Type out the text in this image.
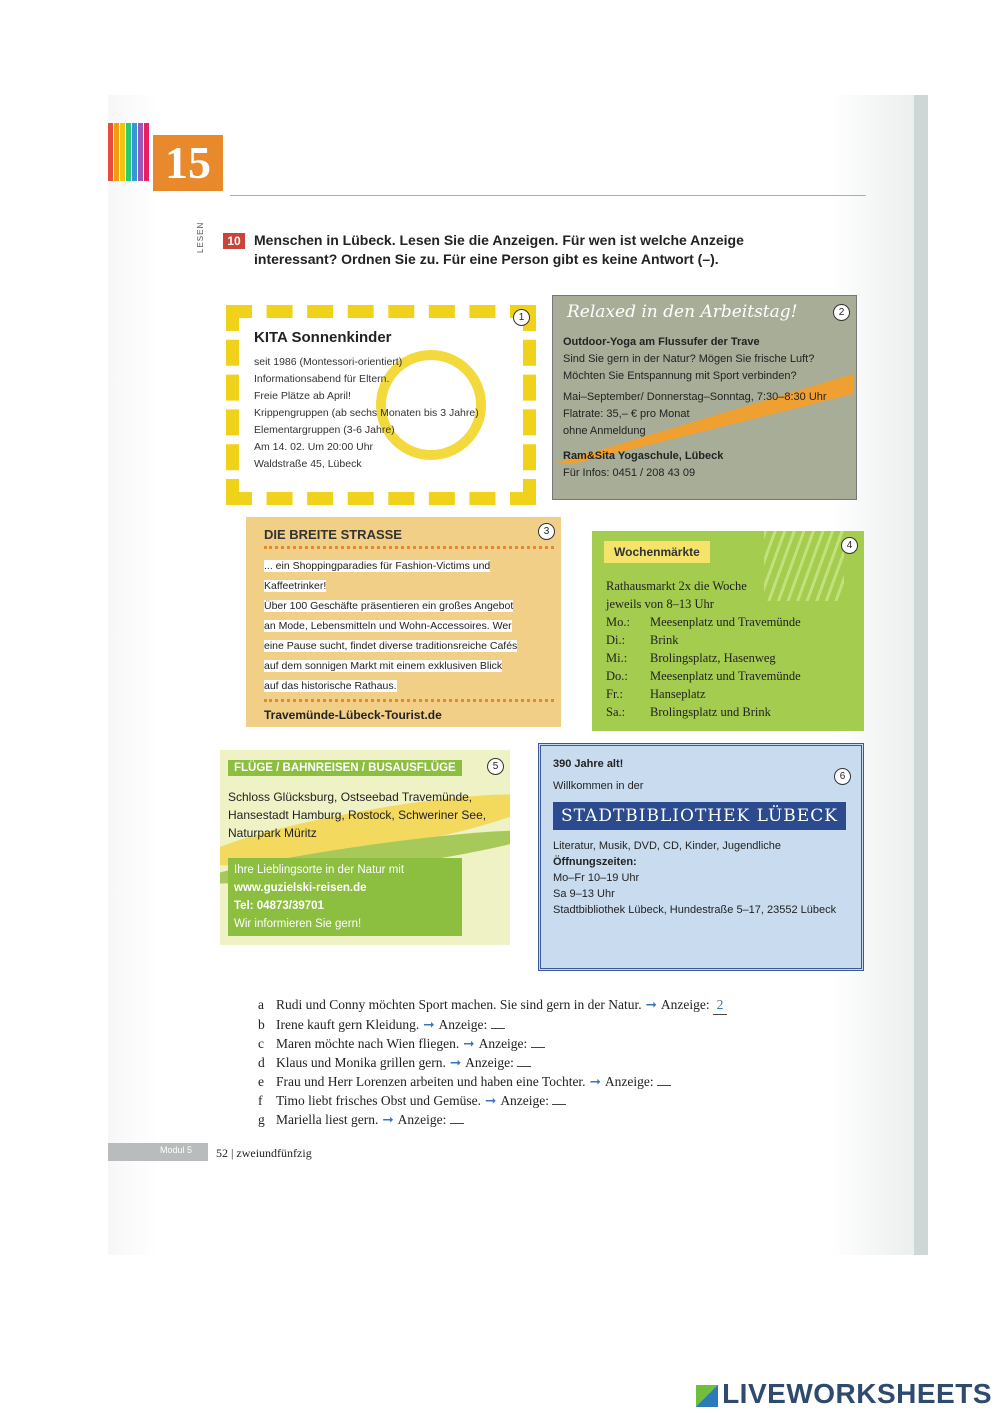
15
LESEN	10 Menschen in Lübeck. Lesen Sie die Anzeigen. Für wen ist welche Anzeige interessant? Ordnen Sie zu. Für eine Person gibt es keine Antwort (–).
1
KITA Sonnenkinder
seit 1986 (Montessori-orientiert)
Informationsabend für Eltern.
Freie Plätze ab April!
Krippengruppen (ab sechs Monaten bis 3 Jahre)
Elementargruppen (3-6 Jahre)
Am 14. 02. Um 20:00 Uhr
Waldstraße 45, Lübeck
Relaxed in den Arbeitstag!	2
Outdoor-Yoga am Flussufer der Trave
Sind Sie gern in der Natur? Mögen Sie frische Luft?
Möchten Sie Entspannung mit Sport verbinden?
Mai–September/ Donnerstag–Sonntag, 7:30–8:30 Uhr
Flatrate: 35,– € pro Monat
ohne Anmeldung
Ram&Sita Yogaschule, Lübeck
Für Infos: 0451 / 208 43 09
3
DIE BREITE STRASSE
... ein Shoppingparadies für Fashion-Victims und
Kaffeetrinker!
Über 100 Geschäfte präsentieren ein großes Angebot
an Mode, Lebensmitteln und Wohn-Accessoires. Wer
eine Pause sucht, findet diverse traditionsreiche Cafés
auf dem sonnigen Markt mit einem exklusiven Blick
auf das historische Rathaus.
Travemünde-Lübeck-Tourist.de
Wochenmärkte	4
Rathausmarkt 2x die Woche
jeweils von 8–13 Uhr
Mo.:	Meesenplatz und Travemünde
Di.:	Brink
Mi.:	Brolingsplatz, Hasenweg
Do.:	Meesenplatz und Travemünde
Fr.:	Hanseplatz
Sa.:	Brolingsplatz und Brink
FLÜGE / BAHNREISEN / BUSAUSFLÜGE	5
Schloss Glücksburg, Ostseebad Travemünde,
Hansestadt Hamburg, Rostock, Schweriner See,
Naturpark Müritz
Ihre Lieblingsorte in der Natur mit
www.guzielski-reisen.de
Tel: 04873/39701
Wir informieren Sie gern!
6
390 Jahre alt!
Willkommen in der
STADTBIBLIOTHEK LÜBECK
Literatur, Musik, DVD, CD, Kinder, Jugendliche
Öffnungszeiten:
Mo–Fr 10–19 Uhr
Sa 9–13 Uhr
Stadtbibliothek Lübeck, Hundestraße 5–17, 23552 Lübeck
a Rudi und Conny möchten Sport machen. Sie sind gern in der Natur. ➞ Anzeige: 2
b Irene kauft gern Kleidung. ➞ Anzeige:
c Maren möchte nach Wien fliegen. ➞ Anzeige:
d Klaus und Monika grillen gern. ➞ Anzeige:
e Frau und Herr Lorenzen arbeiten und haben eine Tochter. ➞ Anzeige:
f Timo liebt frisches Obst und Gemüse. ➞ Anzeige:
g Mariella liest gern. ➞ Anzeige:
Modul 5 52 | zweiundfünfzig
LIVEWORKSHEETS
